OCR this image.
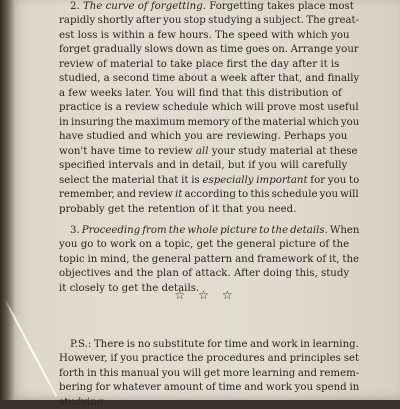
2. The curve of forgetting. Forgetting takes place most
rapidly shortly after you stop studying a subject. The great-
est loss is within a few hours. The speed with which you
forget gradually slows down as time goes on. Arrange your
review of material to take place first the day after it is
studied, a second time about a week after that, and finally
a few weeks later. You will find that this distribution of
practice is a review schedule which will prove most useful
in insuring the maximum memory of the material which you
have studied and which you are reviewing. Perhaps you
won't have time to review all your study material at these
specified intervals and in detail, but if you will carefully
select the material that it is especially important for you to
remember, and review it according to this schedule you will
probably get the retention of it that you need.
3. Proceeding from the whole picture to the details. When
you go to work on a topic, get the general picture of the
topic in mind, the general pattern and framework of it, the
objectives and the plan of attack. After doing this, study
it closely to get the details.
P.S.: There is no substitute for time and work in learning.
However, if you practice the procedures and principles set
forth in this manual you will get more learning and remem-
bering for whatever amount of time and work you spend in
studying.
☆☆☆
